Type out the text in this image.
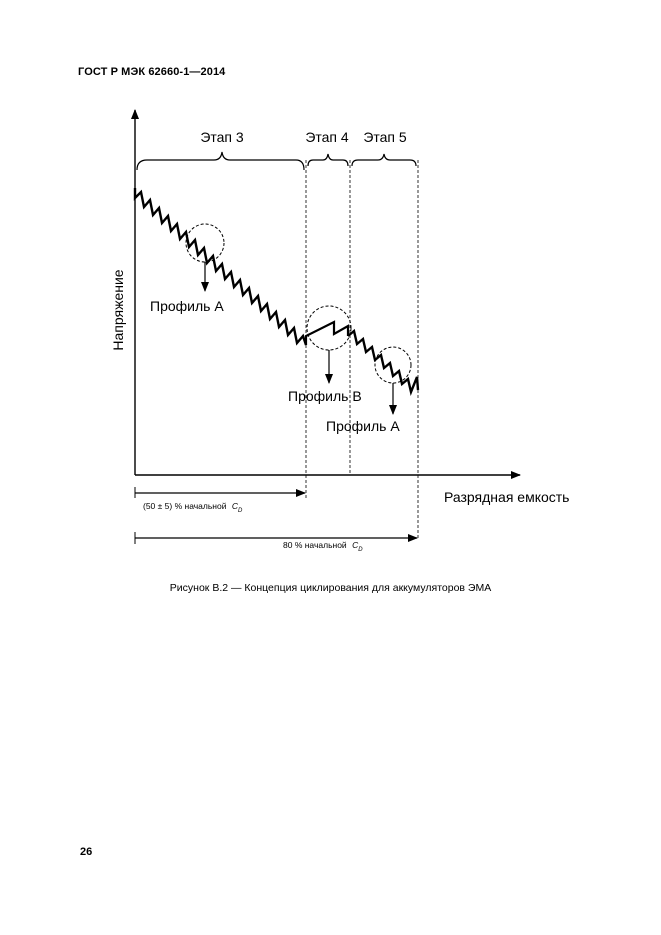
ГОСТ Р МЭК 62660-1—2014
Этап 3	Этап 4 Этап 5
Напряжение
Разрядная емкость
Профиль А
Профиль В
Профиль А
(50 ± 5) % начальной $C_D$
80 % начальной $C_D$
Рисунок В.2 — Концепция циклирования для аккумуляторов ЭМА
26
